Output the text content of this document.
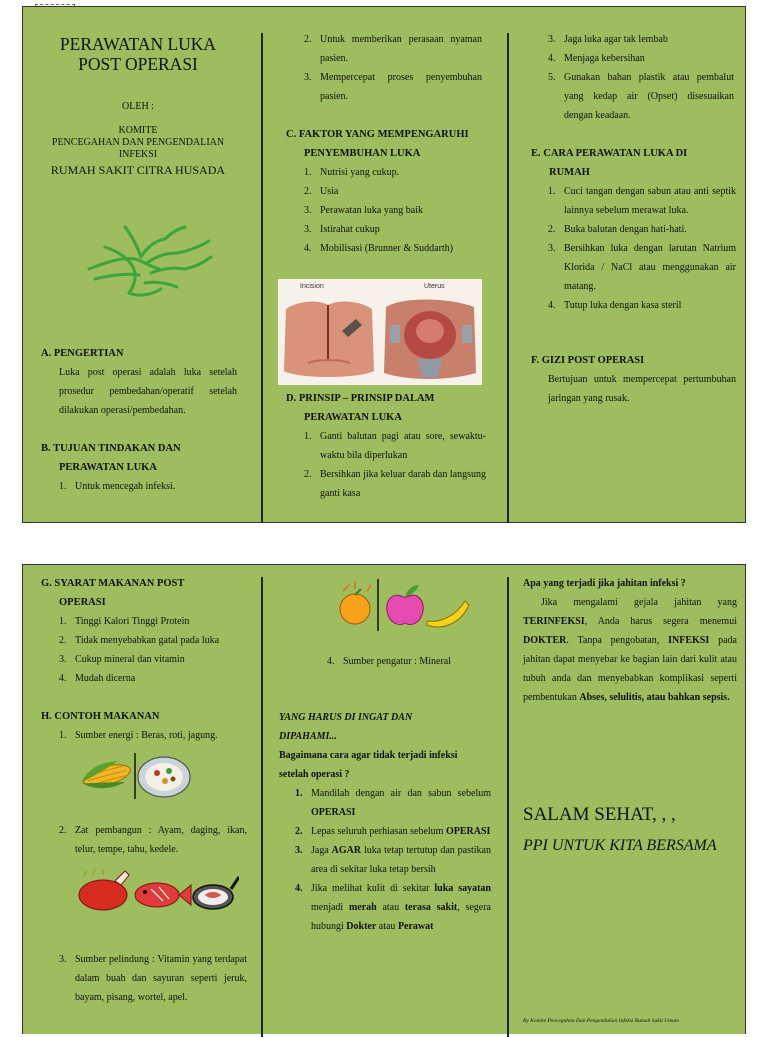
PERAWATAN LUKA
POST OPERASI
OLEH :
KOMITE
PENCEGAHAN DAN PENGENDALIAN
INFEKSI
RUMAH SAKIT CITRA HUSADA
A. PENGERTIAN
Luka post operasi adalah luka setelah prosedur pembedahan/operatif setelah dilakukan operasi/pembedahan.
B. TUJUAN TINDAKAN DAN
PERAWATAN LUKA
1. Untuk mencegah infeksi.
2. Untuk memberikan perasaan nyaman pasien.
3. Mempercepat proses penyembuhan pasien.
C. FAKTOR YANG MEMPENGARUHI
PENYEMBUHAN LUKA
1. Nutrisi yang cukup.
2. Usia
3. Perawatan luka yang baik
3. Istirahat cukup
4. Mobilisasi (Brunner & Suddarth)
Incision	Uterus
D. PRINSIP – PRINSIP DALAM
PERAWATAN LUKA
1. Ganti balutan pagi atau sore, sewaktu-waktu bila diperlukan
2. Bersihkan jika keluar darah dan langsung ganti kasa
3. Jaga luka agar tak lembab
4. Menjaga kebersihan
5. Gunakan bahan plastik atau pembalut yang kedap air (Opset) disesuaikan dengan keadaan.
E. CARA PERAWATAN LUKA DI
RUMAH
1. Cuci tangan dengan sabun atau anti septik lainnya sebelum merawat luka.
2. Buka balutan dengan hati-hati.
3. Bersihkan luka dengan larutan Natrium Klorida / NaCl atau menggunakan air matang.
4. Tutup luka dengan kasa steril
F. GIZI POST OPERASI
Bertujuan untuk mempercepat pertumbuhan jaringan yang rusak.
G. SYARAT MAKANAN POST
OPERASI
1. Tinggi Kalori Tinggi Protein
2. Tidak menyebabkan gatal pada luka
3. Cukup mineral dan vitamin
4. Mudah dicerna
H. CONTOH MAKANAN
1. Sumber energi : Beras, roti, jagung.
2. Zat pembangun : Ayam, daging, ikan, telur, tempe, tahu, kedele.
3. Sumber pelindung : Vitamin yang terdapat dalam buah dan sayuran seperti jeruk, bayam, pisang, wortel, apel.
4. Sumber pengatur : Mineral
YANG HARUS DI INGAT DAN
DIPAHAMI...
Bagaimana cara agar tidak terjadi infeksi
setelah operasi ?
1. Mandilah dengan air dan sabun sebelum OPERASI
2. Lepas seluruh perhiasan sebelum OPERASI
3. Jaga AGAR luka tetap tertutup dan pastikan area di sekitar luka tetap bersih
4. Jika melihat kulit di sekitar luka sayatan menjadi merah atau terasa sakit, segera hubungi Dokter atau Perawat
Apa yang terjadi jika jahitan infeksi ?
Jika mengalami gejala jahitan yang TERINFEKSI, Anda harus segera menemui DOKTER. Tanpa pengobatan, INFEKSI pada jahitan dapat menyebar ke bagian lain dari kulit atau tubuh anda dan menyebabkan komplikasi seperti pembentukan Abses, selulitis, atau bahkan sepsis.
SALAM SEHAT, , ,
PPI UNTUK KITA BERSAMA
By Komite Pencegahan Dan Pengendalian Infeksi Rumah Sakit Umum
